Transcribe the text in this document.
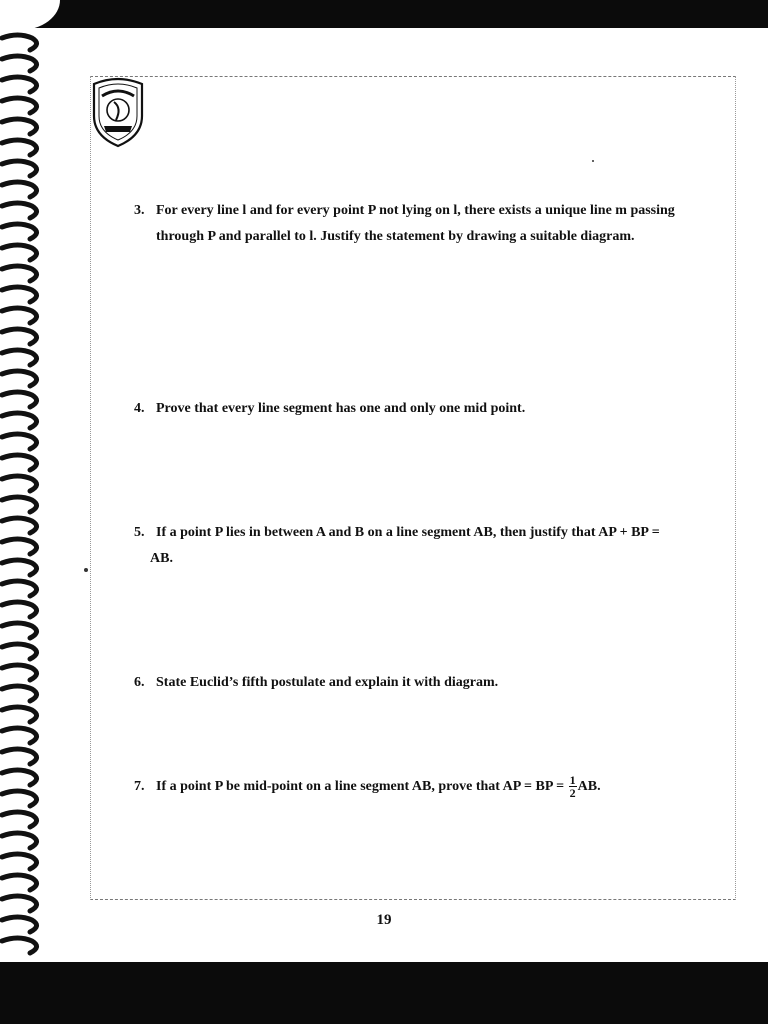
3. For every line l and for every point P not lying on l, there exists a unique line m passing
through P and parallel to l. Justify the statement by drawing a suitable diagram.
4. Prove that every line segment has one and only one mid point.
5. If a point P lies in between A and B on a line segment AB, then justify that AP + BP =
AB.
6. State Euclid’s fifth postulate and explain it with diagram.
7. If a point P be mid-point on a line segment AB, prove that AP = BP = $\frac{1}{2}$ AB.
19
